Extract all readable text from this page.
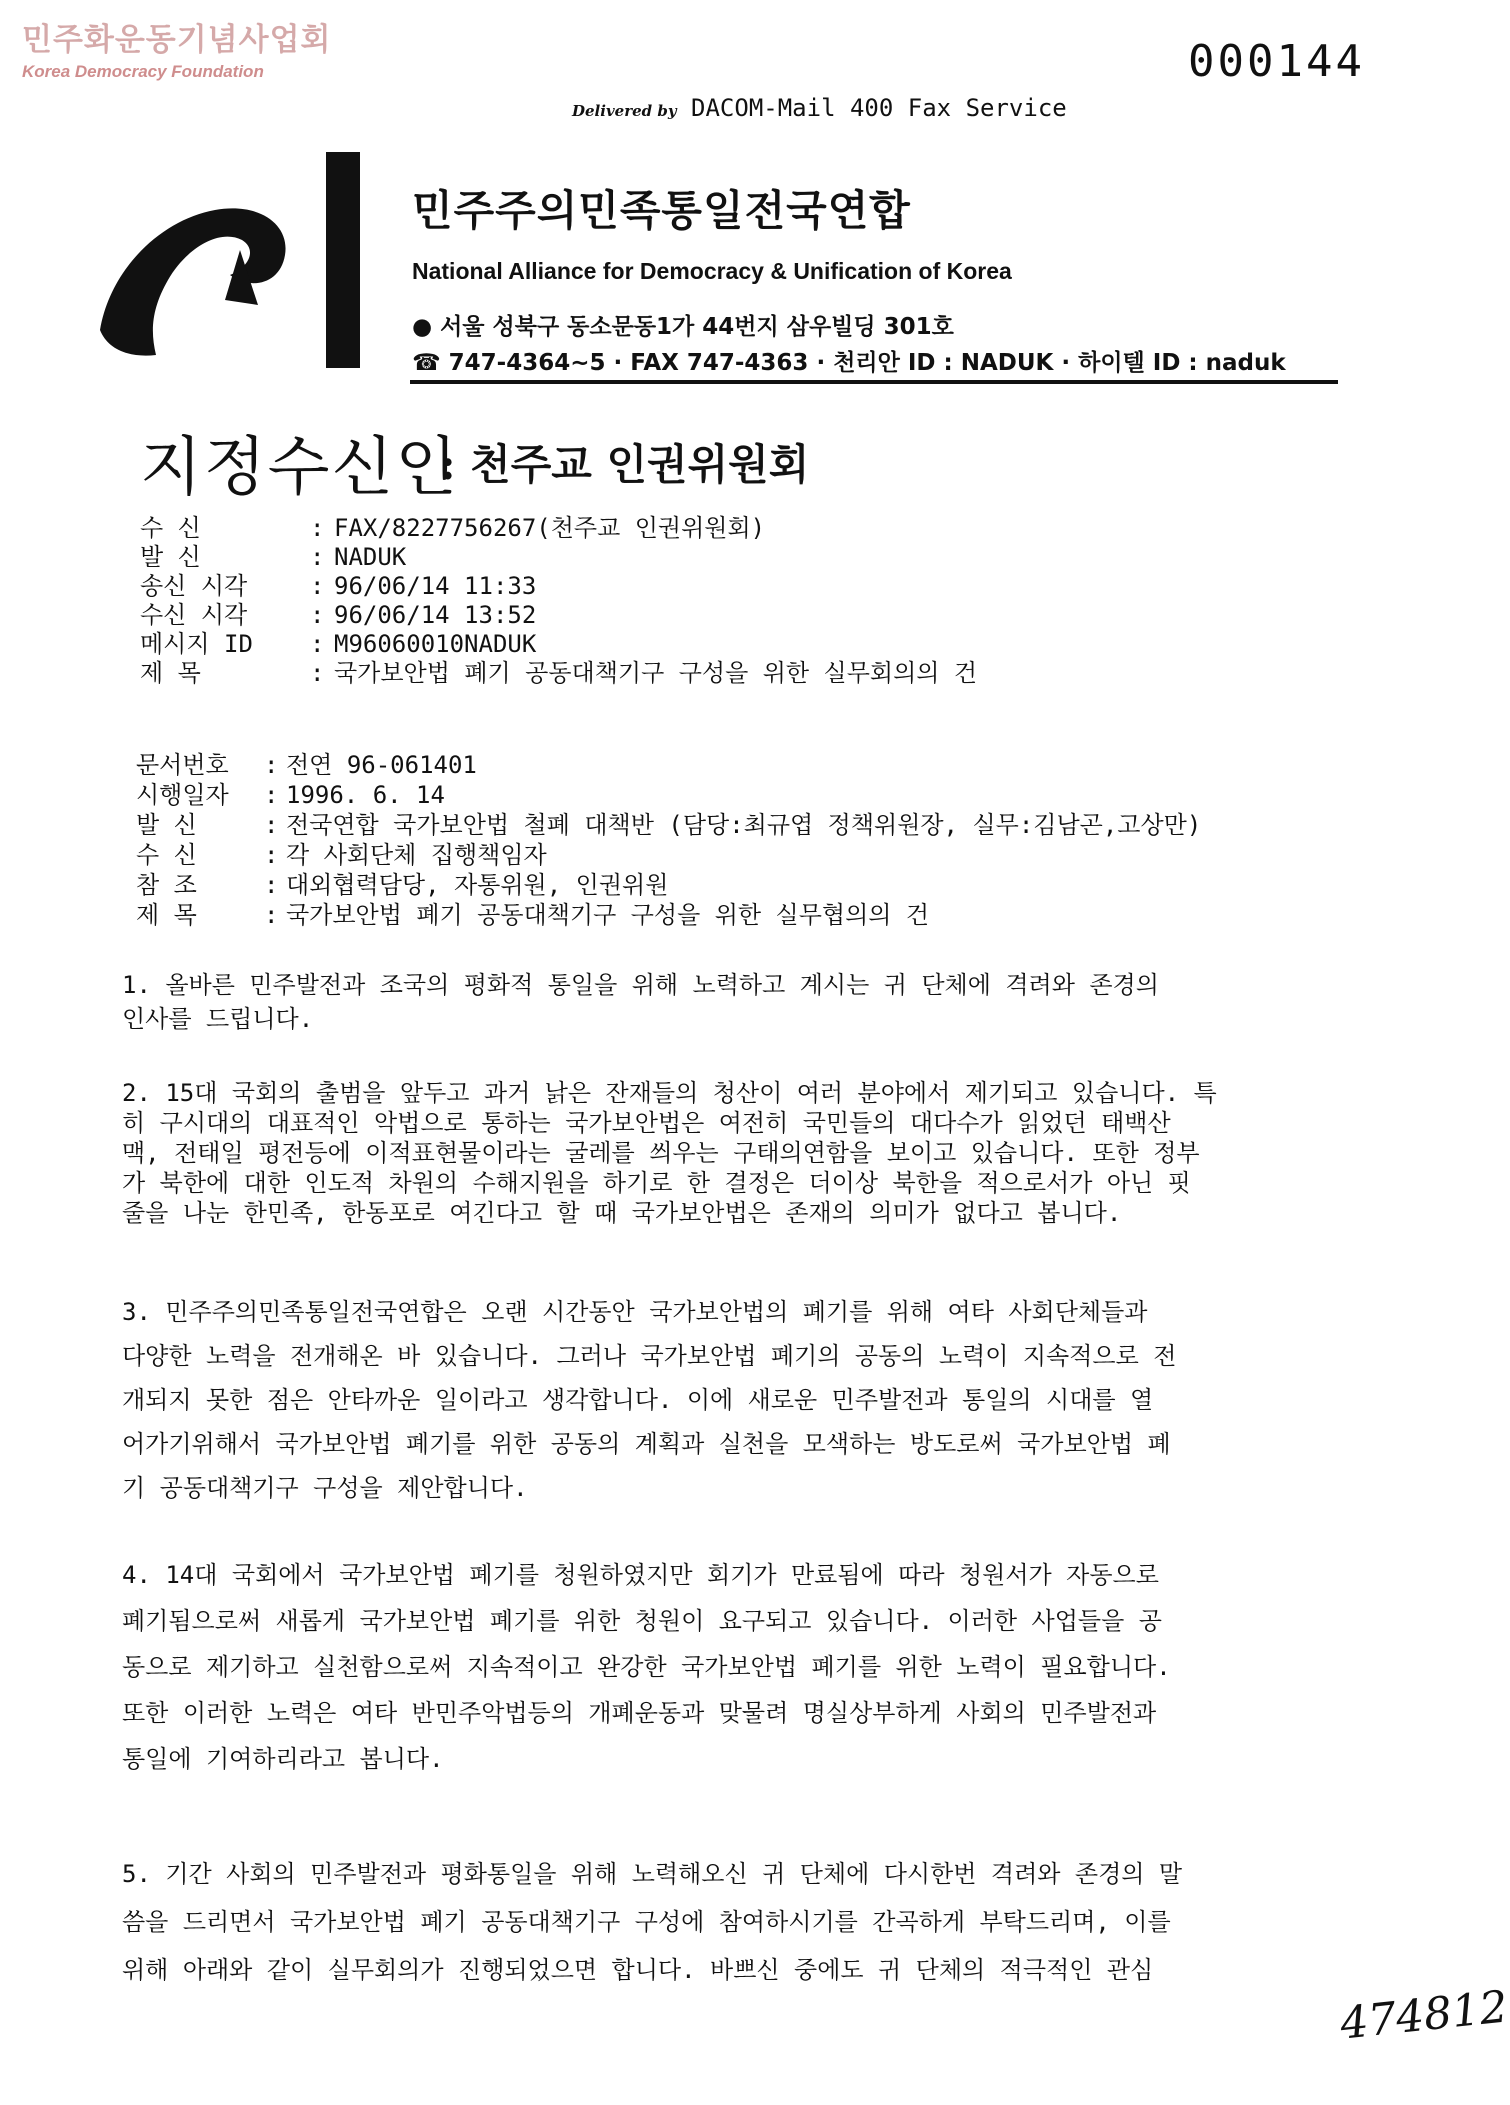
민주화운동기념사업회
Korea Democracy Foundation	000144
Delivered by DACOM-Mail 400 Fax Service
민주주의민족통일전국연합
National Alliance for Democracy & Unification of Korea
● 서울 성북구 동소문동1가 44번지 삼우빌딩 301호
☎ 747-4364~5 · FAX 747-4363 · 천리안 ID : NADUK · 하이텔 ID : naduk
지정수신인
: 천주교 인권위원회
수 신	: FAX/8227756267(천주교 인권위원회)
발 신	: NADUK
송신 시각	: 96/06/14 11:33
수신 시각	: 96/06/14 13:52
메시지 ID	: M96060010NADUK
제 목	: 국가보안법 폐기 공동대책기구 구성을 위한 실무회의의 건
문서번호	: 전연 96-061401
시행일자	: 1996. 6. 14
발 신	: 전국연합 국가보안법 철폐 대책반 (담당:최규엽 정책위원장, 실무:김남곤,고상만)
수 신	: 각 사회단체 집행책임자
참 조	: 대외협력담당, 자통위원, 인권위원
제 목	: 국가보안법 폐기 공동대책기구 구성을 위한 실무협의의 건
1. 올바른 민주발전과 조국의 평화적 통일을 위해 노력하고 계시는 귀 단체에 격려와 존경의
인사를 드립니다.
2. 15대 국회의 출범을 앞두고 과거 낡은 잔재들의 청산이 여러 분야에서 제기되고 있습니다. 특
히 구시대의 대표적인 악법으로 통하는 국가보안법은 여전히 국민들의 대다수가 읽었던 태백산
맥, 전태일 평전등에 이적표현물이라는 굴레를 씌우는 구태의연함을 보이고 있습니다. 또한 정부
가 북한에 대한 인도적 차원의 수해지원을 하기로 한 결정은 더이상 북한을 적으로서가 아닌 핏
줄을 나눈 한민족, 한동포로 여긴다고 할 때 국가보안법은 존재의 의미가 없다고 봅니다.
3. 민주주의민족통일전국연합은 오랜 시간동안 국가보안법의 폐기를 위해 여타 사회단체들과
다양한 노력을 전개해온 바 있습니다. 그러나 국가보안법 폐기의 공동의 노력이 지속적으로 전
개되지 못한 점은 안타까운 일이라고 생각합니다. 이에 새로운 민주발전과 통일의 시대를 열
어가기위해서 국가보안법 폐기를 위한 공동의 계획과 실천을 모색하는 방도로써 국가보안법 폐
기 공동대책기구 구성을 제안합니다.
4. 14대 국회에서 국가보안법 폐기를 청원하였지만 회기가 만료됨에 따라 청원서가 자동으로
폐기됨으로써 새롭게 국가보안법 폐기를 위한 청원이 요구되고 있습니다. 이러한 사업들을 공
동으로 제기하고 실천함으로써 지속적이고 완강한 국가보안법 폐기를 위한 노력이 필요합니다.
또한 이러한 노력은 여타 반민주악법등의 개폐운동과 맞물려 명실상부하게 사회의 민주발전과
통일에 기여하리라고 봅니다.
5. 기간 사회의 민주발전과 평화통일을 위해 노력해오신 귀 단체에 다시한번 격려와 존경의 말
씀을 드리면서 국가보안법 폐기 공동대책기구 구성에 참여하시기를 간곡하게 부탁드리며, 이를
위해 아래와 같이 실무회의가 진행되었으면 합니다. 바쁘신 중에도 귀 단체의 적극적인 관심
474812
